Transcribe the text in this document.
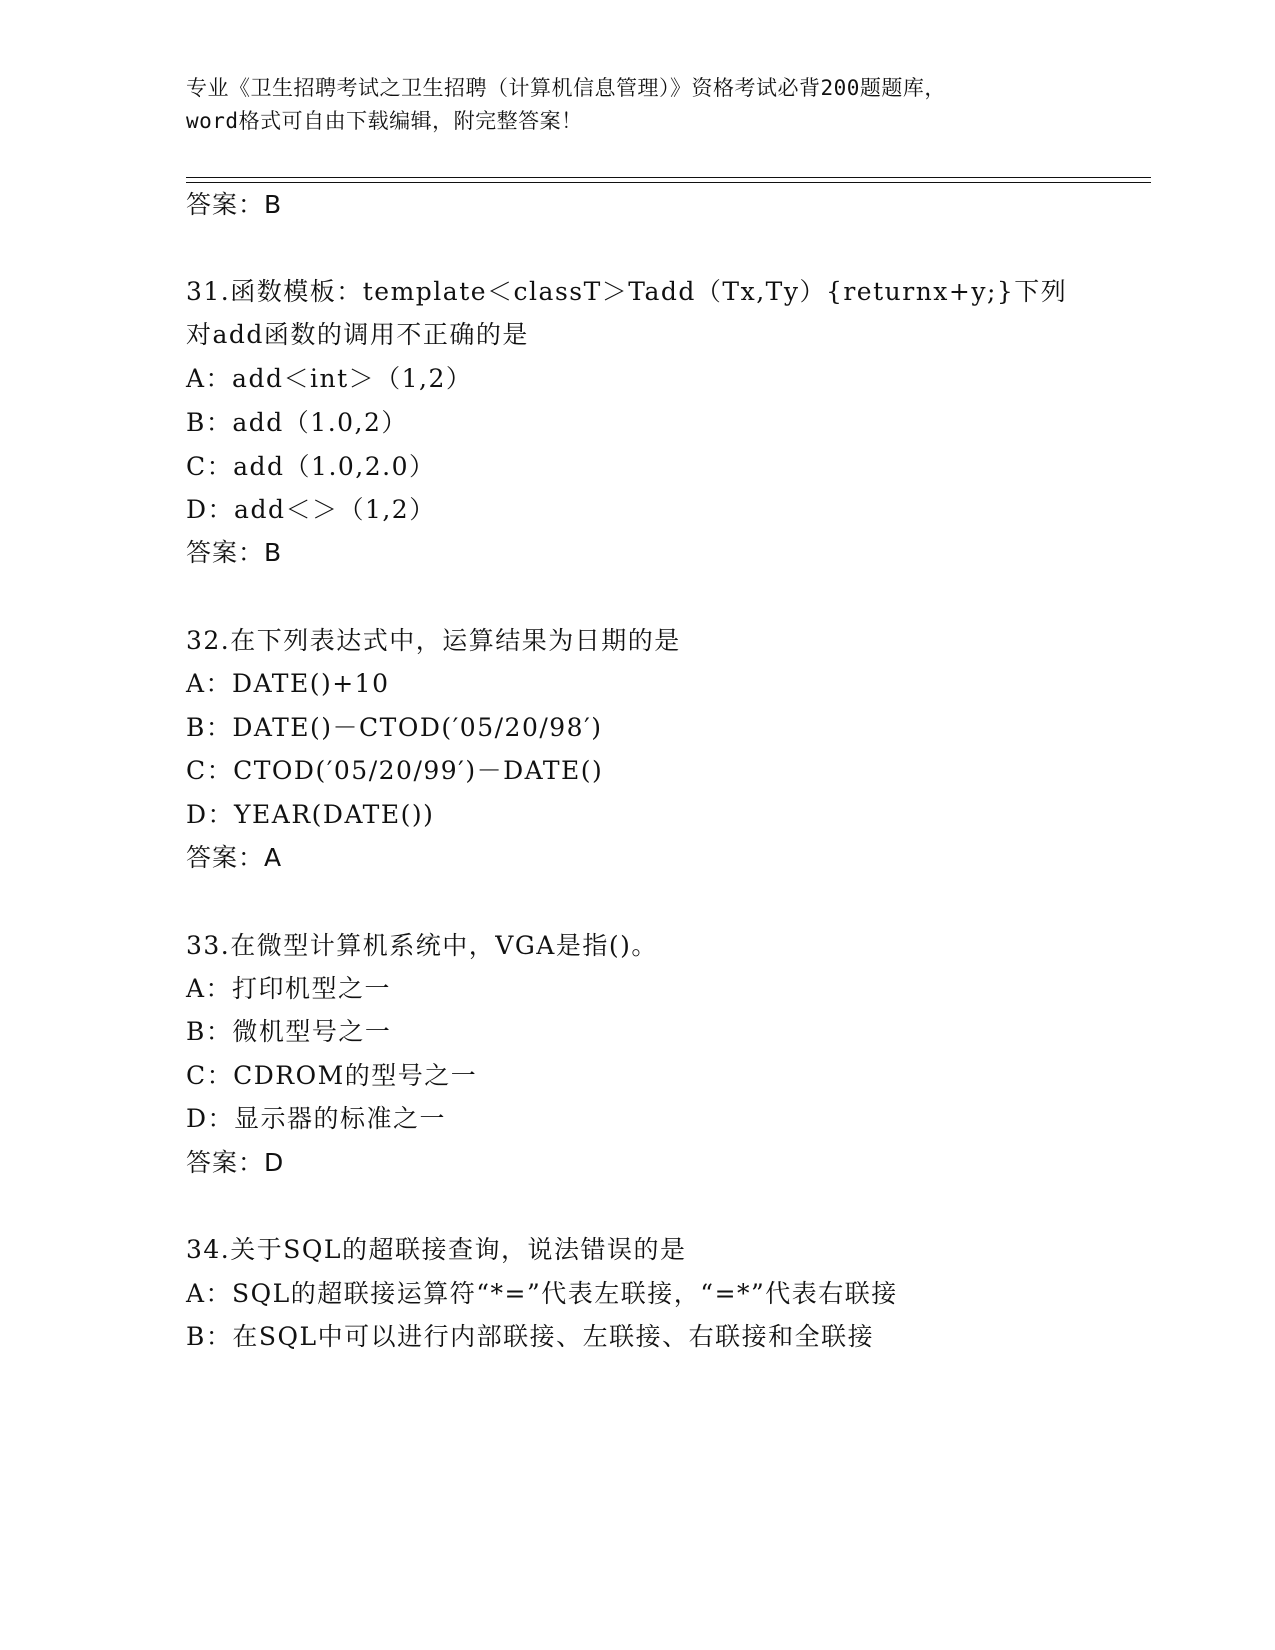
专业《卫生招聘考试之卫生招聘（计算机信息管理）》资格考试必背200题题库，
word格式可自由下载编辑，附完整答案！
答案：B
31.函数模板：template＜classT＞Tadd（Tx,Ty）{returnx+y;}下列
对add函数的调用不正确的是
A：add＜int＞（1,2）
B：add（1.0,2）
C：add（1.0,2.0）
D：add＜＞（1,2）
答案：B
32.在下列表达式中，运算结果为日期的是
A：DATE()+10
B：DATE()－CTOD(′05/20/98′)
C：CTOD(′05/20/99′)－DATE()
D：YEAR(DATE())
答案：A
33.在微型计算机系统中，VGA是指()。
A：打印机型之一
B：微机型号之一
C：CDROM的型号之一
D：显示器的标准之一
答案：D
34.关于SQL的超联接查询，说法错误的是
A：SQL的超联接运算符“*=”代表左联接，“=*”代表右联接
B：在SQL中可以进行内部联接、左联接、右联接和全联接
